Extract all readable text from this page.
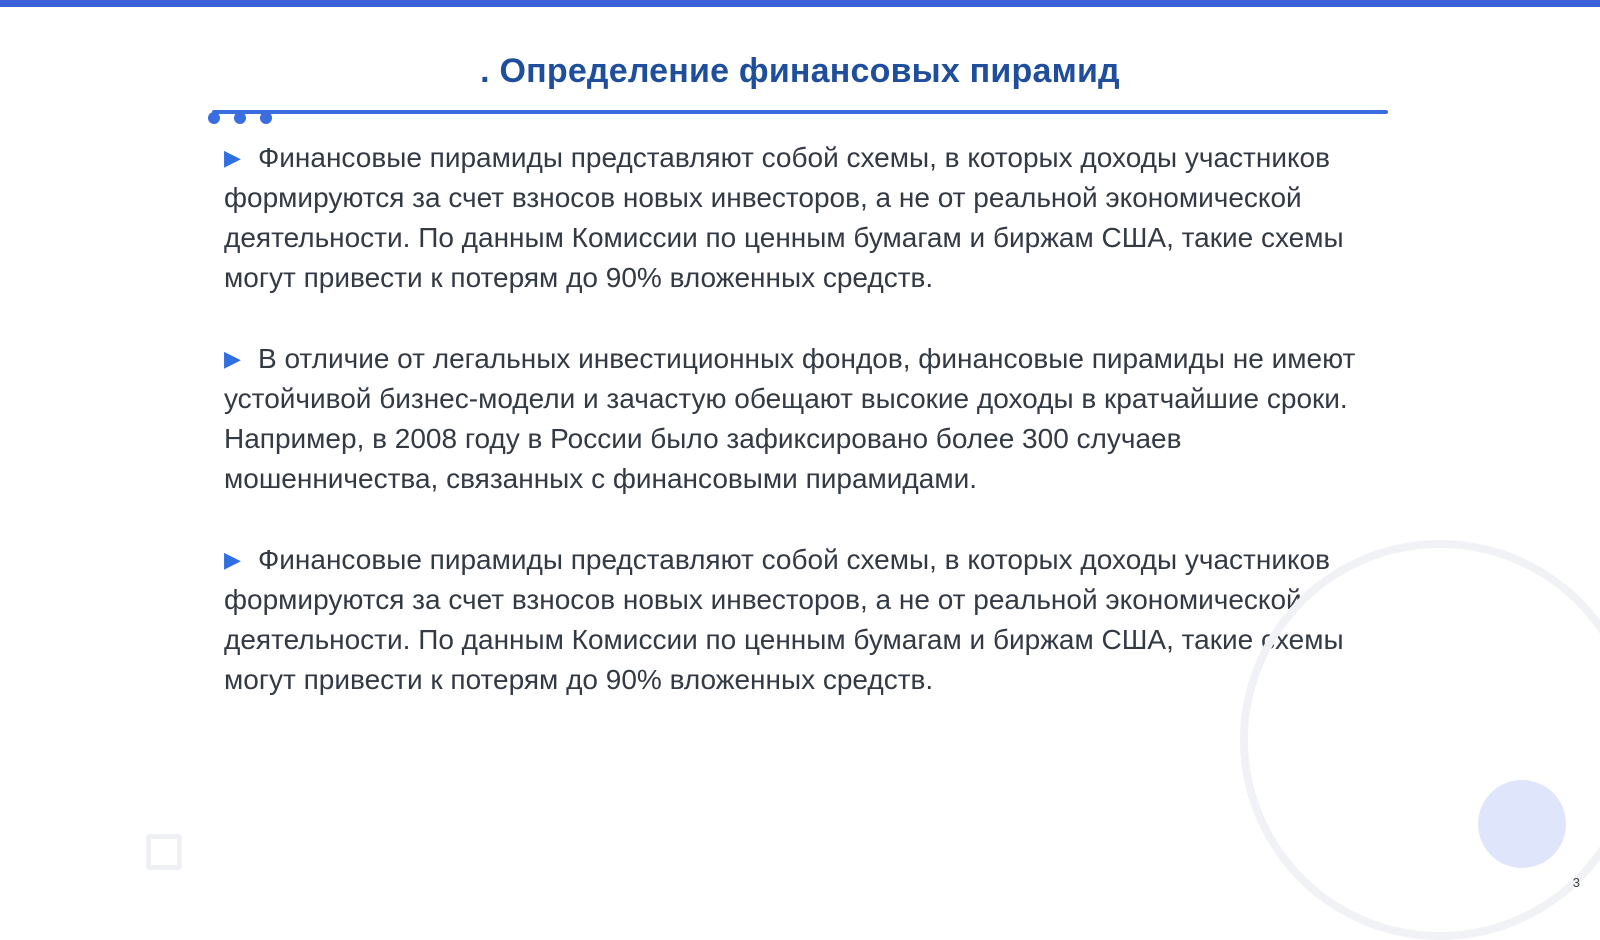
. Определение финансовых пирамид

▶ Финансовые пирамиды представляют собой схемы, в которых доходы участников формируются за счет взносов новых инвесторов, а не от реальной экономической деятельности. По данным Комиссии по ценным бумагам и биржам США, такие схемы могут привести к потерям до 90% вложенных средств.

▶ В отличие от легальных инвестиционных фондов, финансовые пирамиды не имеют устойчивой бизнес-модели и зачастую обещают высокие доходы в кратчайшие сроки. Например, в 2008 году в России было зафиксировано более 300 случаев мошенничества, связанных с финансовыми пирамидами.

▶ Финансовые пирамиды представляют собой схемы, в которых доходы участников формируются за счет взносов новых инвесторов, а не от реальной экономической деятельности. По данным Комиссии по ценным бумагам и биржам США, такие схемы могут привести к потерям до 90% вложенных средств.

3
